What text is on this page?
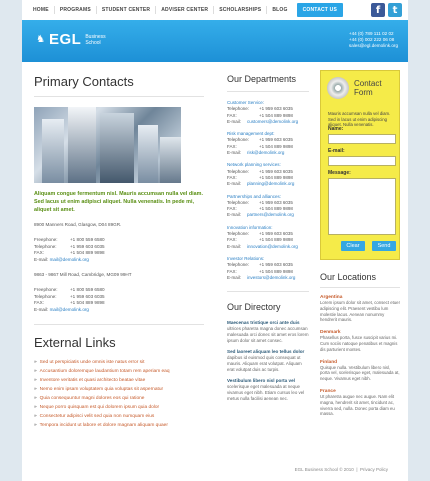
HOME	PROGRAMS	STUDENT CENTER	ADVISER CENTER	SCHOLARSHIPS	BLOG	CONTACT US	f	t
♞ EGL Business
School
+44 (0) 789 111 02 02
+44 (0) 002 222 06 08
sales@egl.demolink.org
Primary Contacts
Aliquam congue fermentum nisl. Mauris accumsan nulla vel diam. Sed lacus ut enim adipisci aliquet. Nulla venenatis. In pede mi, aliquet sit amet.
8900 Manners Road, Glasgow, D04 89GR.
Freephone:	+1 800 559 6580
Telephone:	+1 959 603 6035
FAX:	+1 504 889 9898
E-mail: mail@demolink.org
9863 - 9867 Mill Road, Cambridge, MG09 99HT
Freephone:	+1 800 559 6580
Telephone:	+1 959 603 6035
FAX:	+1 504 889 9898
E-mail: mail@demolink.org
External Links
» Sed ut perspiciatis unde omnis iste natus error sit
» Accusantium doloremque laudantium totam rem aperiam eaq
» Inventore veritatis et quasi architecto beatae vitae
» Nemo enim ipsam voluptatem quia voluptas sit aspernatur
» Quia consequuntur magni dolores eos qui ratione
» Neque porro quisquam est qui dolorem ipsum quia dolor
» Consectetur adipisci velit sed quia non numquam eius
» Tempora incidunt ut labore et dolore magnam aliquam quaer
Our Departments
Customer Service:
Telephone: +1 959 603 6035
FAX:	+1 504 889 9898
E-mail: customers@demolink.org
Risk management dept:
Telephone: +1 959 603 6035
FAX:	+1 504 889 9898
E-mail: risk@demolink.org
Network planning services:
Telephone: +1 959 603 6035
FAX:	+1 504 889 9898
E-mail: planning@demolink.org
Partnerships and alliances:
Telephone: +1 959 603 6035
FAX:	+1 504 889 9898
E-mail: partners@demolink.org
Innovation information:
Telephone: +1 959 603 6035
FAX:	+1 504 889 9898
E-mail: innovation@demolink.org
Investor Relations:
Telephone: +1 959 603 6035
FAX:	+1 504 889 9898
E-mail: investors@demolink.org
Our Directory
Maecenas tristique orci ante duis
ultrices pharetra magna donec accumsan malesuada orci donec sit amet eros lorem ipsum dolor sit amet consec.
Sed laoreet aliquam leo tellus dolor
dapibus id euismod quis consequat ut mauris. Aliquam erat volutpat. Aliquam erat volutpat duis ac turpis.
Vestibulum libero nisl porta vel
scelerisque eget malesuada at neque vivamus eget nibh. Etiam cursus leo vel metus nulla facilisi aenean nec.
Contact
Form
Mauris accumsan nulla vel diam. Sed in lacus ut enim adipiscing aliquet. Nulla venenatis.
Name:
E-mail:
Message:
Clear	Send
Our Locations
Argentina
Lorem ipsum dolor sit amet, consect etuer adipiscing elit. Praesent vestibu lum molestie lacus. Aenean nonummy hendrerit mauris.
Denmark
Phasellus porta, fusce suscipit varius mi. Cum sociis natoque penatibus et magnis dis parturient montes.
Finland
Quisque nulla. Vestibulum libero nisl, porta vel, scelerisque eget, malesuada at, neque. Vivamus eget nibh.
France
Ut pharetra augue nec augue. Nam elit magna, hendrerit sit amet, tincidunt ac, viverra sed, nulla. Donec porta diam eu massa.
EGL Business School © 2010  |  Privacy Policy
